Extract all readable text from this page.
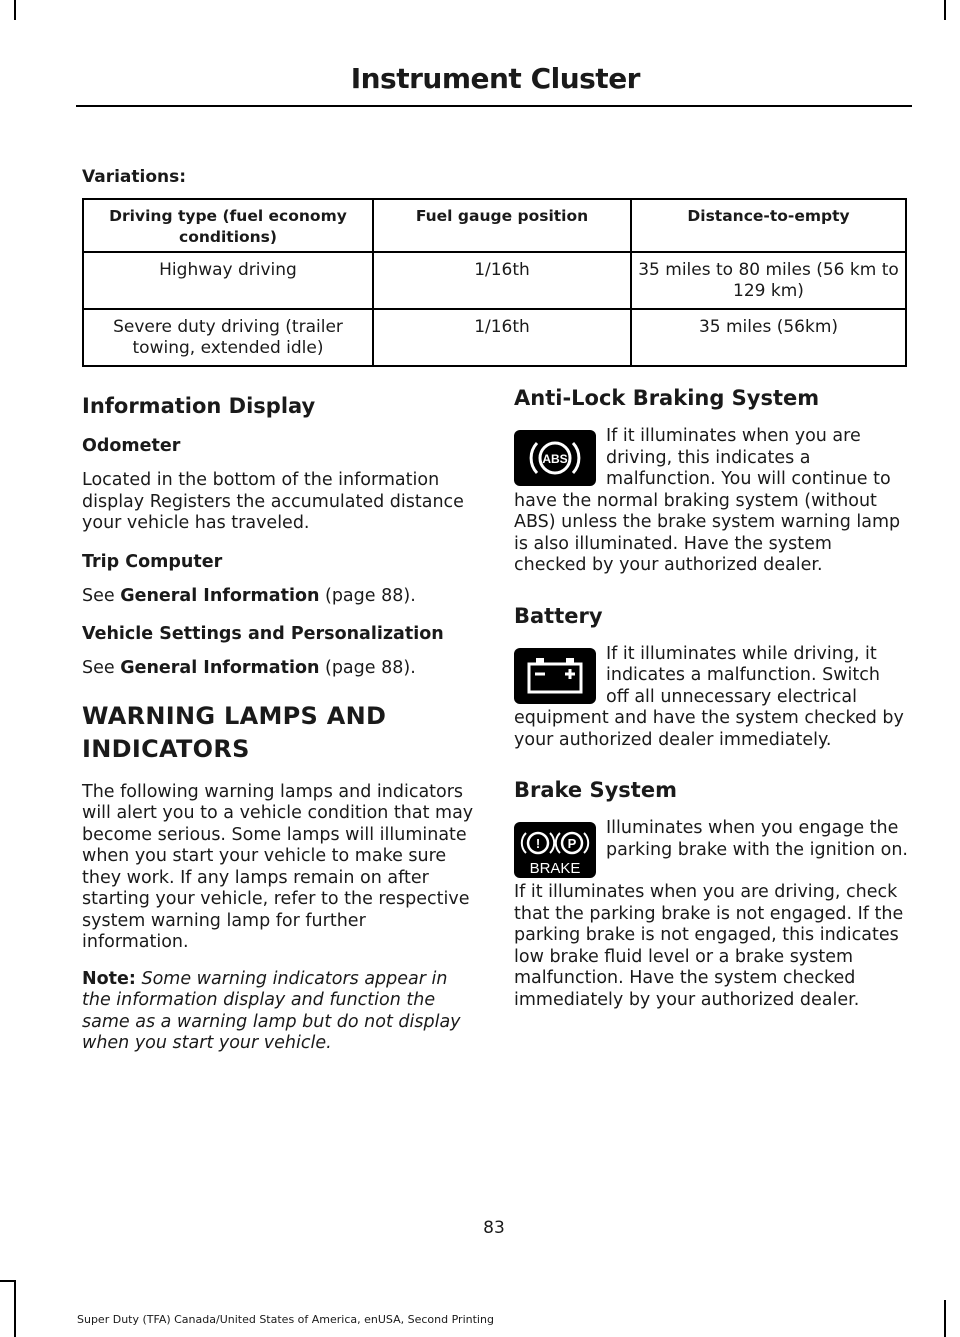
Instrument Cluster
Variations:
Driving type (fuel economy conditions)	Fuel gauge position	Distance-to-empty
Highway driving	1/16th	35 miles to 80 miles (56 km to 129 km)
Severe duty driving (trailer towing, extended idle)	1/16th	35 miles (56km)
Information Display
Odometer

Located in the bottom of the information display Registers the accumulated distance your vehicle has traveled.

Trip Computer

See General Information (page 88).

Vehicle Settings and Personalization

See General Information (page 88).

WARNING LAMPS AND
INDICATORS

The following warning lamps and indicators will alert you to a vehicle condition that may become serious. Some lamps will illuminate when you start your vehicle to make sure they work. If any lamps remain on after starting your vehicle, refer to the respective system warning lamp for further information.

Note: Some warning indicators appear in the information display and function the same as a warning lamp but do not display when you start your vehicle.

Anti-Lock Braking System
ABS

If it illuminates when you are driving, this indicates a malfunction. You will continue to have the normal braking system (without ABS) unless the brake system warning lamp is also illuminated. Have the system checked by your authorized dealer.

Battery

If it illuminates while driving, it indicates a malfunction. Switch off all unnecessary electrical equipment and have the system checked by your authorized dealer immediately.

Brake System
! P
BRAKE

Illuminates when you engage the parking brake with the ignition on.

If it illuminates when you are driving, check that the parking brake is not engaged. If the parking brake is not engaged, this indicates low brake fluid level or a brake system malfunction. Have the system checked immediately by your authorized dealer.

83
Super Duty (TFA) Canada/United States of America, enUSA, Second Printing
